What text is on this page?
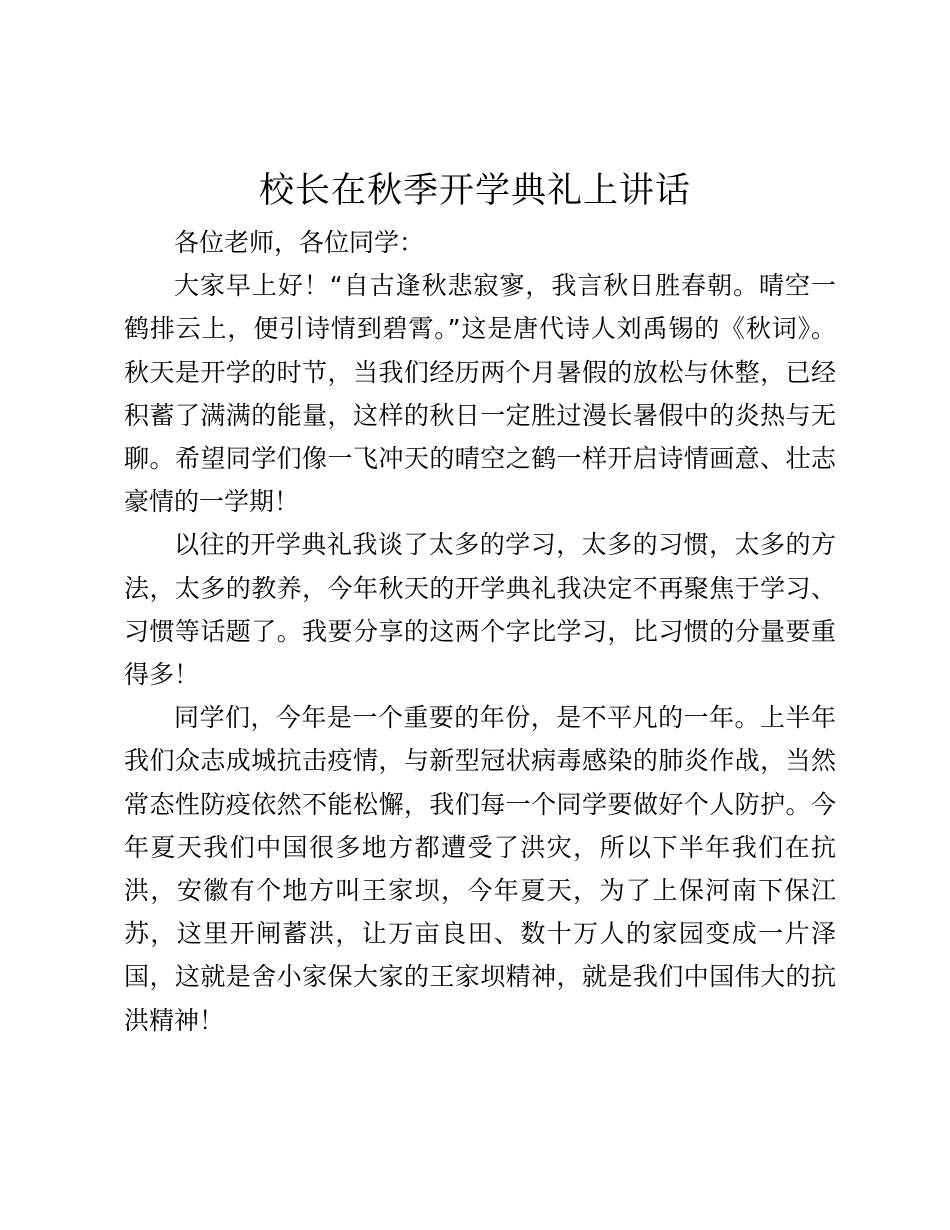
校长在秋季开学典礼上讲话

各位老师，各位同学：

大家早上好！“自古逢秋悲寂寥，我言秋日胜春朝。晴空一鹤排云上，便引诗情到碧霄。”这是唐代诗人刘禹锡的《秋词》。秋天是开学的时节，当我们经历两个月暑假的放松与休整，已经积蓄了满满的能量，这样的秋日一定胜过漫长暑假中的炎热与无聊。希望同学们像一飞冲天的晴空之鹤一样开启诗情画意、壮志豪情的一学期！

以往的开学典礼我谈了太多的学习，太多的习惯，太多的方法，太多的教养，今年秋天的开学典礼我决定不再聚焦于学习、习惯等话题了。我要分享的这两个字比学习，比习惯的分量要重得多！

同学们，今年是一个重要的年份，是不平凡的一年。上半年我们众志成城抗击疫情，与新型冠状病毒感染的肺炎作战，当然常态性防疫依然不能松懈，我们每一个同学要做好个人防护。今年夏天我们中国很多地方都遭受了洪灾，所以下半年我们在抗洪，安徽有个地方叫王家坝，今年夏天，为了上保河南下保江苏，这里开闸蓄洪，让万亩良田、数十万人的家园变成一片泽国，这就是舍小家保大家的王家坝精神，就是我们中国伟大的抗洪精神！
